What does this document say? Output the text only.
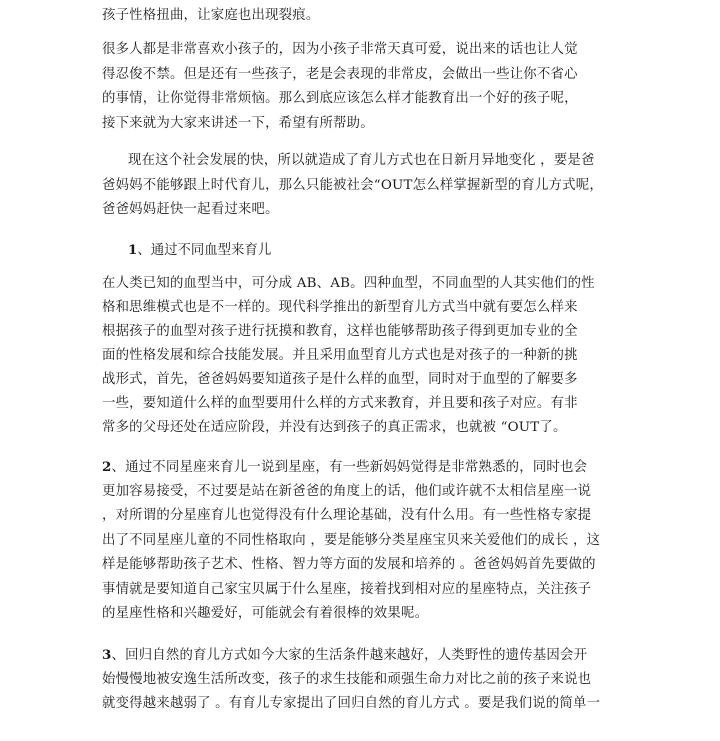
孩子性格扭曲，让家庭也出现裂痕。
很多人都是非常喜欢小孩子的，因为小孩子非常天真可爱，说出来的话也让人觉
得忍俊不禁。但是还有一些孩子，老是会表现的非常皮，会做出一些让你不省心
的事情，让你觉得非常烦恼。那么到底应该怎么样才能教育出一个好的孩子呢，
接下来就为大家来讲述一下，希望有所帮助。
现在这个社会发展的快，所以就造成了育儿方式也在日新月异地变化 ，要是爸
爸妈妈不能够跟上时代育儿，那么只能被社会“OUT怎么样掌握新型的育儿方式呢，
爸爸妈妈赶快一起看过来吧。
1、通过不同血型来育儿
在人类已知的血型当中，可分成 AB、AB。四种血型，不同血型的人其实他们的性
格和思维模式也是不一样的。现代科学推出的新型育儿方式当中就有要怎么样来
根据孩子的血型对孩子进行抚摸和教育，这样也能够帮助孩子得到更加专业的全
面的性格发展和综合技能发展。并且采用血型育儿方式也是对孩子的一种新的挑
战形式，首先，爸爸妈妈要知道孩子是什么样的血型，同时对于血型的了解要多
一些，要知道什么样的血型要用什么样的方式来教育，并且要和孩子对应。有非
常多的父母还处在适应阶段，并没有达到孩子的真正需求，也就被 “OUT了。
2、通过不同星座来育儿一说到星座，有一些新妈妈觉得是非常熟悉的，同时也会
更加容易接受，不过要是站在新爸爸的角度上的话，他们或许就不太相信星座一说
，对所谓的分星座育儿也觉得没有什么理论基础，没有什么用。有一些性格专家提
出了不同星座儿童的不同性格取向 ，要是能够分类星座宝贝来关爱他们的成长 ，这
样是能够帮助孩子艺术、性格、智力等方面的发展和培养的 。爸爸妈妈首先要做的
事情就是要知道自己家宝贝属于什么星座，接着找到相对应的星座特点，关注孩子
的星座性格和兴趣爱好，可能就会有着很棒的效果呢。
3、回归自然的育儿方式如今大家的生活条件越来越好，人类野性的遗传基因会开
始慢慢地被安逸生活所改变，孩子的求生技能和顽强生命力对比之前的孩子来说也
就变得越来越弱了 。有育儿专家提出了回归自然的育儿方式 。要是我们说的简单一
